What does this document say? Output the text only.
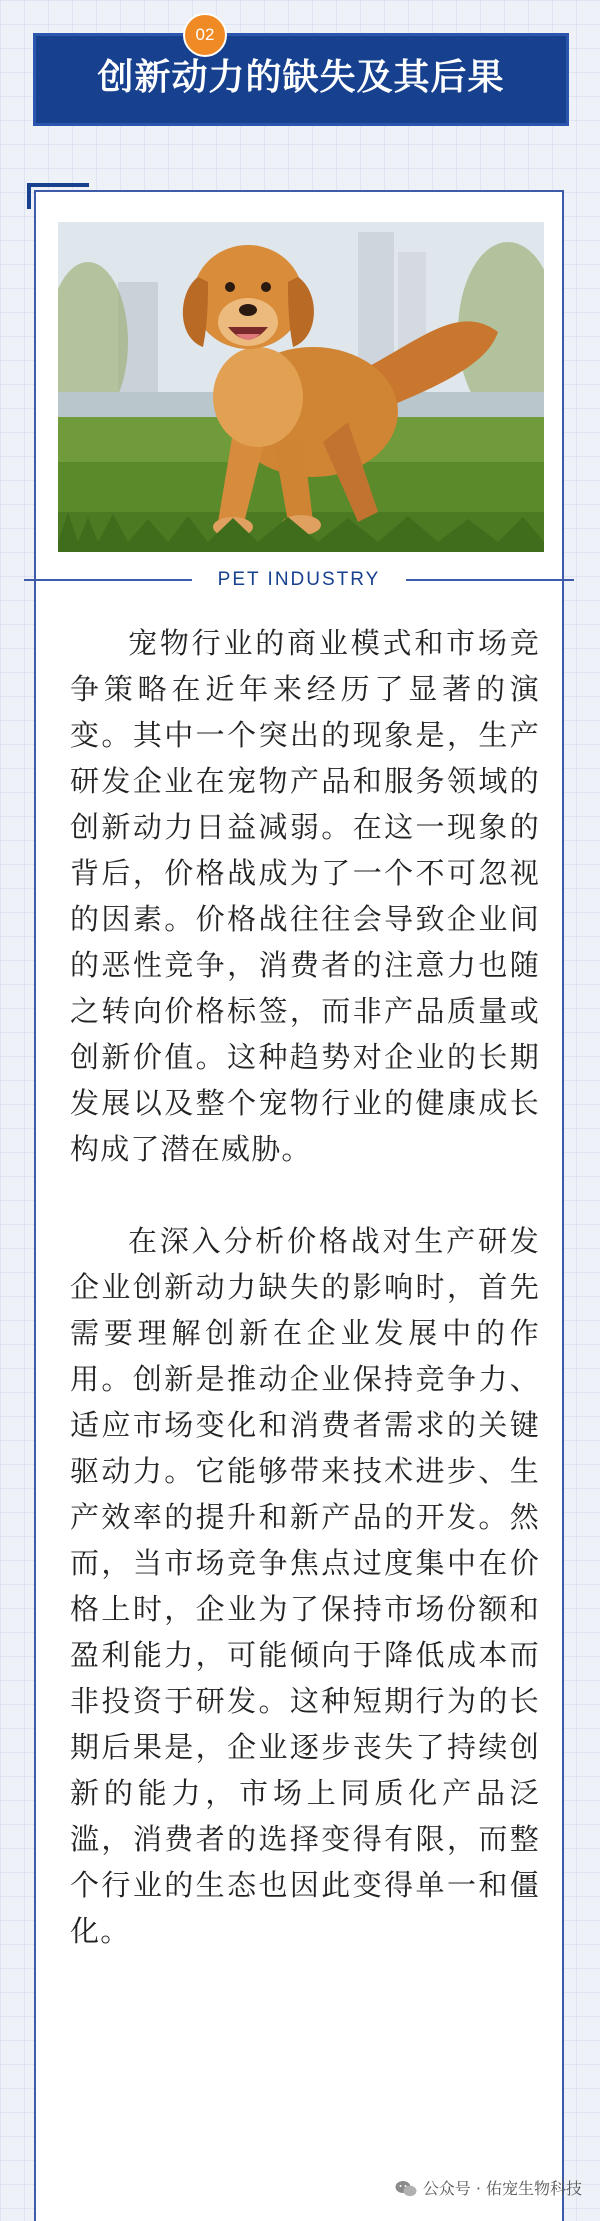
创新动力的缺失及其后果
02
PET INDUSTRY

宠物行业的商业模式和市场竞争策略在近年来经历了显著的演变。其中一个突出的现象是，生产研发企业在宠物产品和服务领域的创新动力日益减弱。在这一现象的背后，价格战成为了一个不可忽视的因素。价格战往往会导致企业间的恶性竞争，消费者的注意力也随之转向价格标签，而非产品质量或创新价值。这种趋势对企业的长期发展以及整个宠物行业的健康成长构成了潜在威胁。

在深入分析价格战对生产研发企业创新动力缺失的影响时，首先需要理解创新在企业发展中的作用。创新是推动企业保持竞争力、适应市场变化和消费者需求的关键驱动力。它能够带来技术进步、生产效率的提升和新产品的开发。然而，当市场竞争焦点过度集中在价格上时，企业为了保持市场份额和盈利能力，可能倾向于降低成本而非投资于研发。这种短期行为的长期后果是，企业逐步丧失了持续创新的能力，市场上同质化产品泛滥，消费者的选择变得有限，而整个行业的生态也因此变得单一和僵化。

公众号 · 佑宠生物科技
